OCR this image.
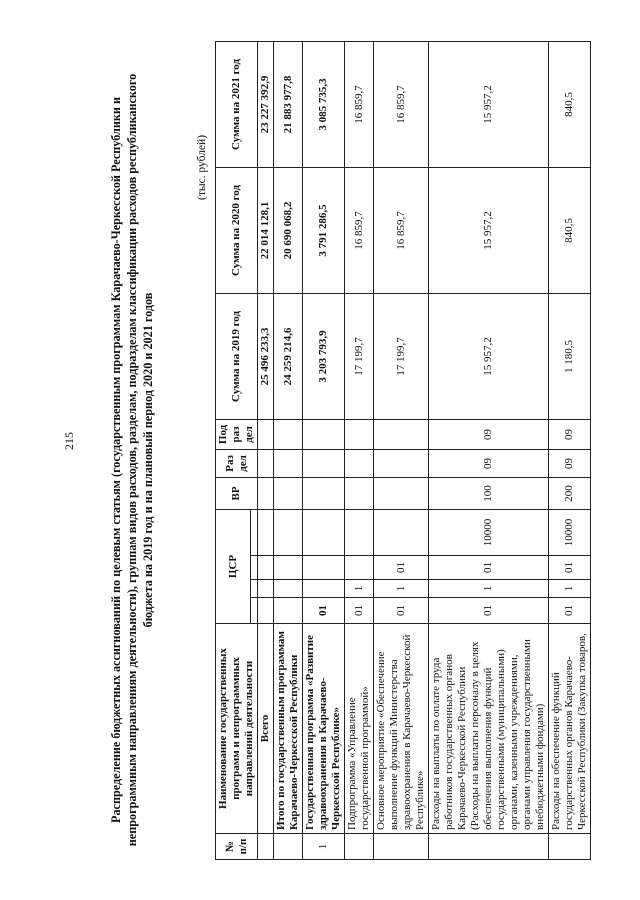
215	Распределение бюджетных ассигнований по целевым статьям (государственным программам Карачаево-Черкесской Республики и непрограммным направлениям деятельности), группам видов расходов, разделам, подразделам классификации расходов республиканского бюджета на 2019 год и на плановый период 2020 и 2021 годов
(тыс. рублей)
№ п/п	Наименование государственных программ и непрограммных направлений деятельности	ЦСР				ВР	Раз дел	Под раз дел	Сумма на 2019 год	Сумма на 2020 год	Сумма на 2021 год

	Всего								25 496 233,3	22 014 128,1	23 227 392,9
	Итого по государственным программам Карачаево-Черкесской Республики								24 259 214,6	20 690 068,2	21 883 977,8
1	Государственная программа «Развитие здравоохранения в Карачаево-Черкесской Республике»	01							3 203 793,9	3 791 286,5	3 085 735,3
	Подпрограмма «Управление государственной программой»	01	1						17 199,7	16 859,7	16 859,7
	Основное мероприятие «Обеспечение выполнение функций Министерства здравоохранения в Карачаево-Черкесской Республике»	01	1	01					17 199,7	16 859,7	16 859,7
	Расходы на выплаты по оплате труда работников государственных органов Карачаево-Черкесской Республики (Расходы на выплаты персоналу в целях обеспечения выполнения функций государственными (муниципальными) органами, казенными учреждениями, органами управления государственными внебюджетными фондами)	01	1	01	10000	100	09	09	15 957,2	15 957,2	15 957,2
	Расходы на обеспечение функций государственных органов Карачаево-Черкесской Республики (Закупка товаров,	01	1	01	10000	200	09	09	1 180,5	840,5	840,5
